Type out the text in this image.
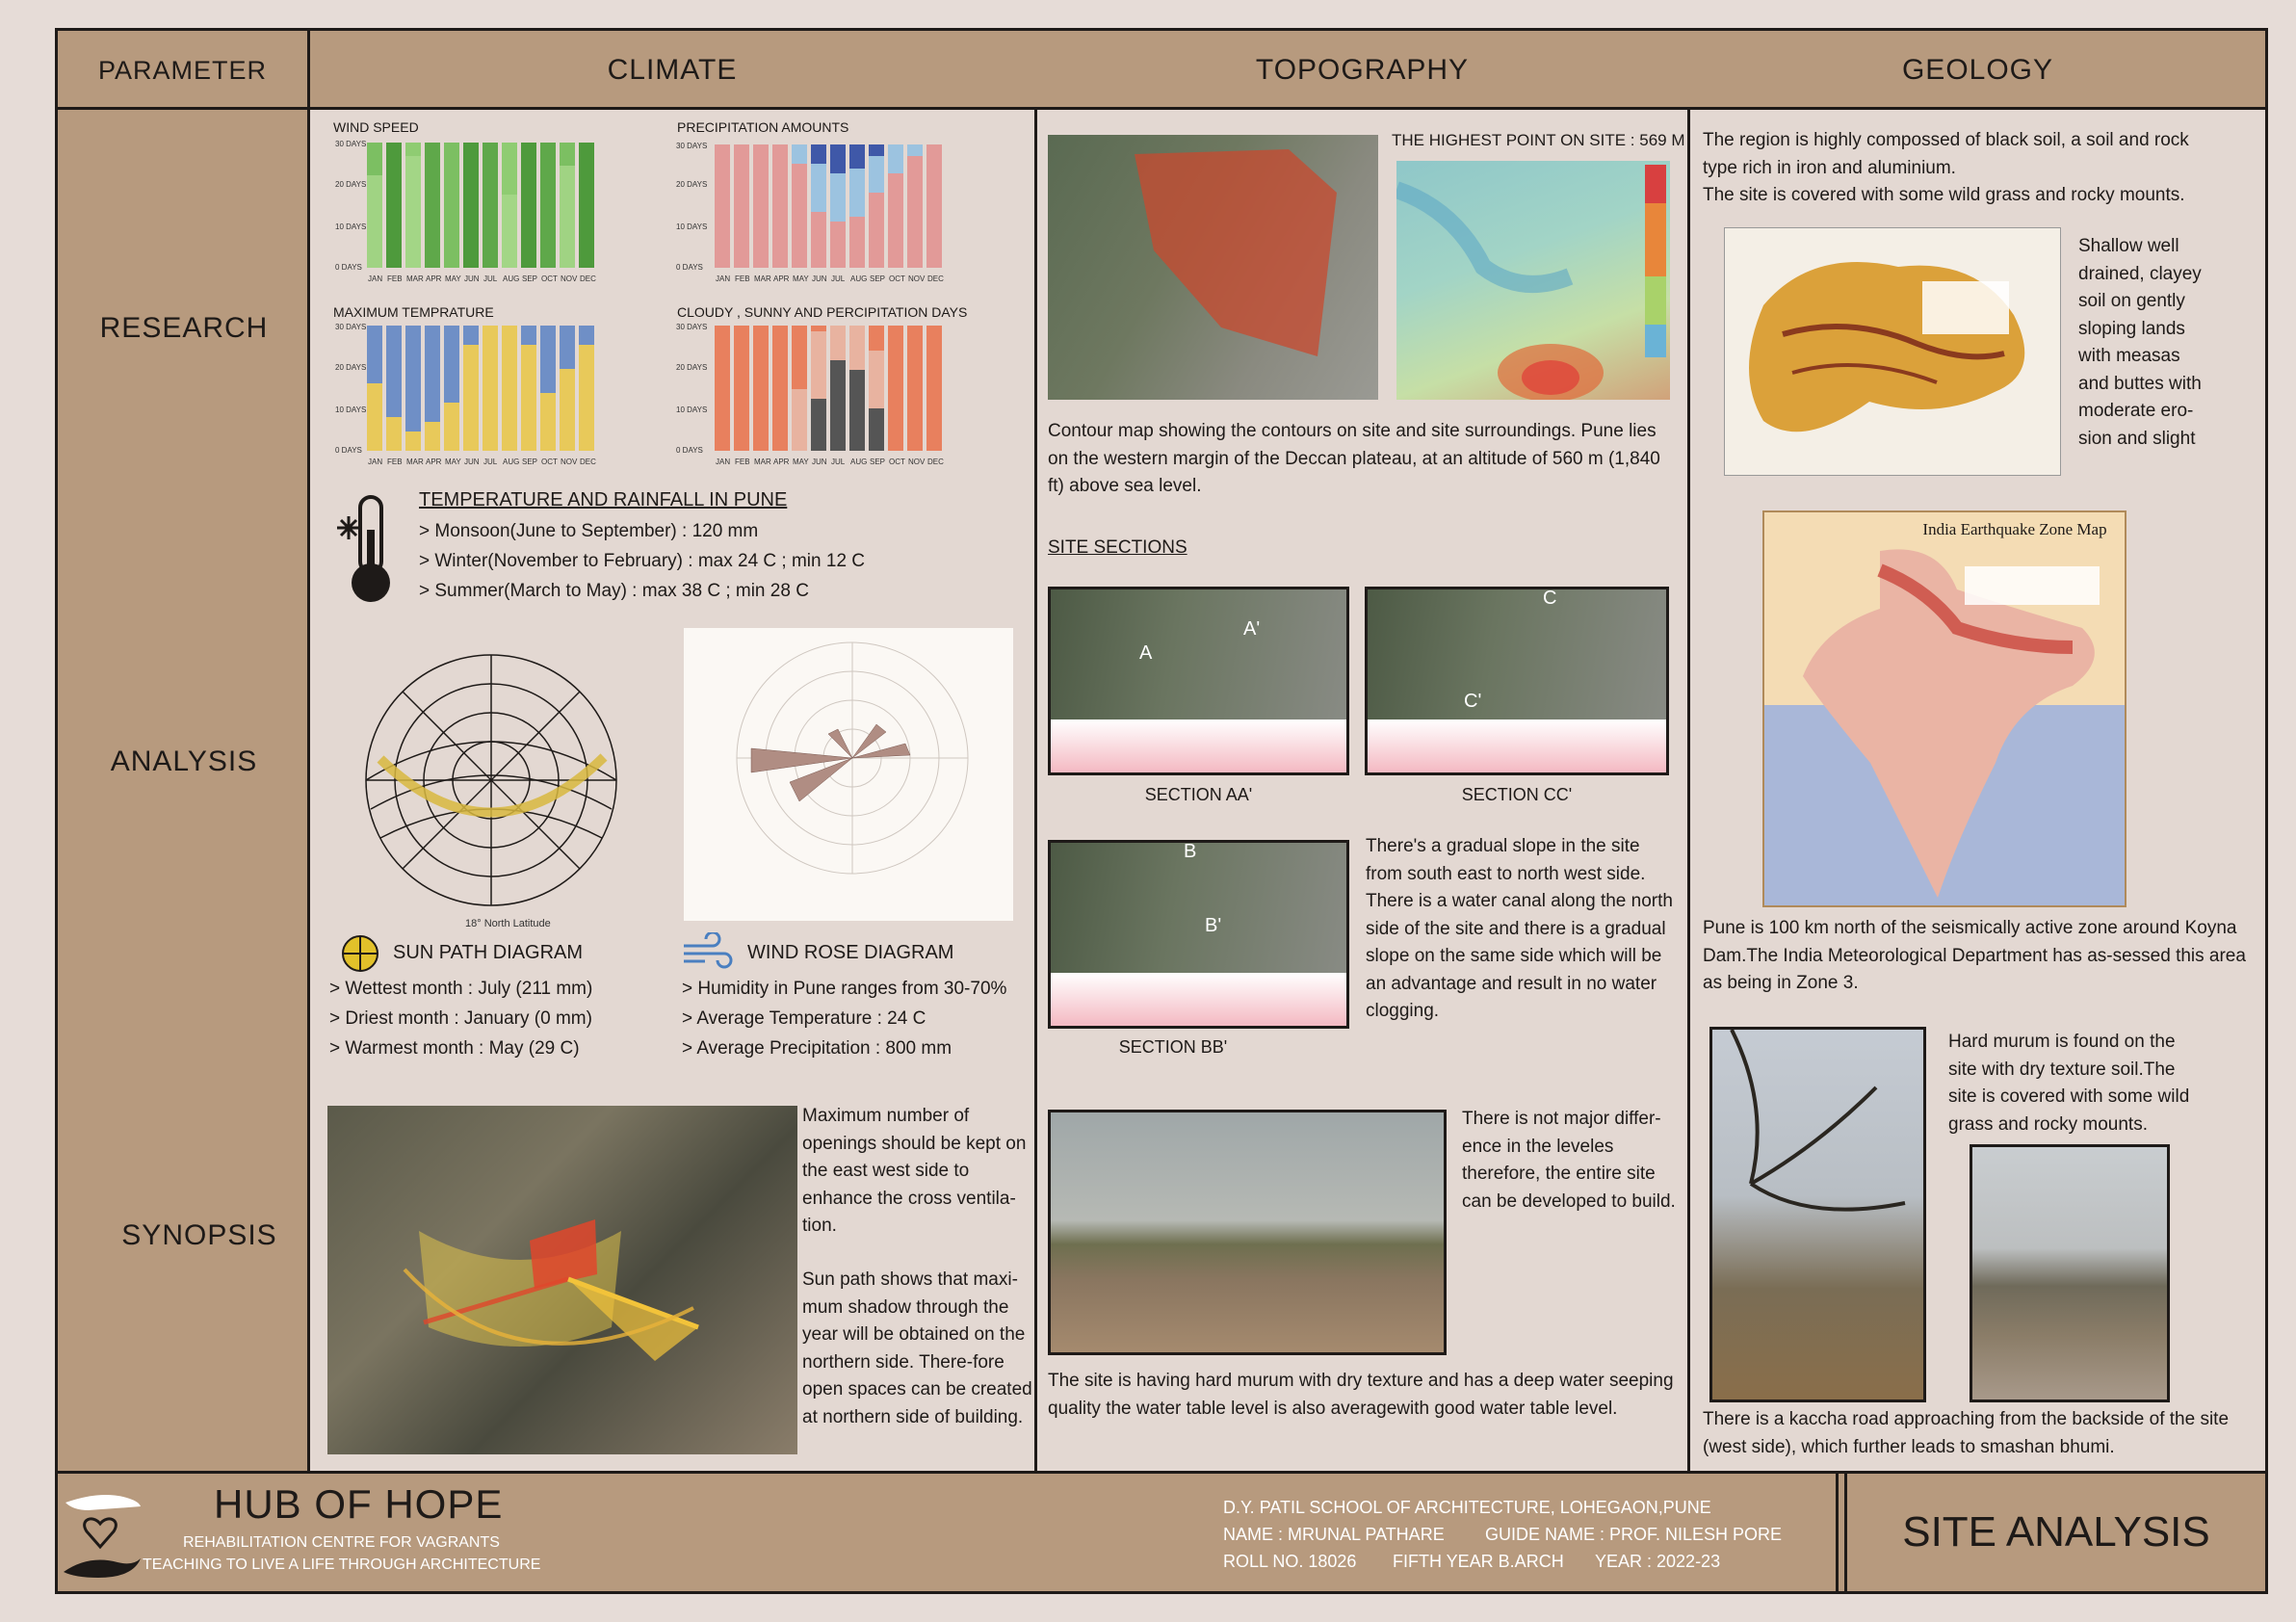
PARAMETER	CLIMATE	TOPOGRAPHY	GEOLOGY
RESEARCH
ANALYSIS
SYNOPSIS
WIND SPEED
30 DAYS
20 DAYS
10 DAYS
0 DAYS
JAN FEB MAR APR MAY JUN JUL AUG SEP OCT NOV DEC
PRECIPITATION AMOUNTS
30 DAYS
20 DAYS
10 DAYS
0 DAYS
JAN FEB MAR APR MAY JUN JUL AUG SEP OCT NOV DEC
MAXIMUM TEMPRATURE
30 DAYS
20 DAYS
10 DAYS
0 DAYS
JAN FEB MAR APR MAY JUN JUL AUG SEP OCT NOV DEC
CLOUDY , SUNNY AND PERCIPITATION DAYS
30 DAYS
20 DAYS
10 DAYS
0 DAYS
JAN FEB MAR APR MAY JUN JUL AUG SEP OCT NOV DEC
TEMPERATURE AND RAINFALL IN PUNE
> Monsoon(June to September) : 120 mm
> Winter(November to February) : max 24 C ; min 12 C
> Summer(March to May) : max 38 C ; min 28 C
18° North Latitude
SUN PATH DIAGRAM	WIND ROSE DIAGRAM
> Wettest month : July (211 mm)
> Driest month : January (0 mm)
> Warmest month : May (29 C)
> Humidity in Pune ranges from 30-70%
> Average Temperature : 24 C
> Average Precipitation : 800 mm
Maximum number of openings should be kept on the east west side to enhance the cross ventila-tion.
Sun path shows that maxi-mum shadow through the year will be obtained on the northern side. There-fore open spaces can be created at northern side of building.
THE HIGHEST POINT ON SITE : 569 M
Contour map showing the contours on site and site surroundings. Pune lies on the western margin of the Deccan plateau, at an altitude of 560 m (1,840 ft) above sea level.
SITE SECTIONS
A
A'
SECTION AA'
C'
C
SECTION CC'
B
B'
SECTION BB'
There's a gradual slope in the site from south east to north west side. There is a water canal along the north side of the site and there is a gradual slope on the same side which will be an advantage and result in no water clogging.
There is not major differ-ence in the leveles therefore, the entire site can be developed to build.
The site is having hard murum with dry texture and has a deep water seeping quality the water table level is also averagewith good water table level.
The region is highly compossed of black soil, a soil and rock type rich in iron and aluminium.
The site is covered with some wild grass and rocky mounts.
Shallow well drained, clayey soil on gently sloping lands with measas and buttes with moderate ero-sion and slight
India Earthquake Zone Map
Pune is 100 km north of the seismically active zone around Koyna Dam.The India Meteorological Department has as-sessed this area as being in Zone 3.
Hard murum is found on the site with dry texture soil.The site is covered with some wild grass and rocky mounts.
There is a kaccha road approaching from the backside of the site (west side), which further leads to smashan bhumi.
HUB OF HOPE
REHABILITATION CENTRE FOR VAGRANTS
TEACHING TO LIVE A LIFE THROUGH ARCHITECTURE
D.Y. PATIL SCHOOL OF ARCHITECTURE, LOHEGAON,PUNE
NAME : MRUNAL PATHARE GUIDE NAME : PROF. NILESH PORE
ROLL NO. 18026 FIFTH YEAR B.ARCH YEAR : 2022-23
SITE ANALYSIS
